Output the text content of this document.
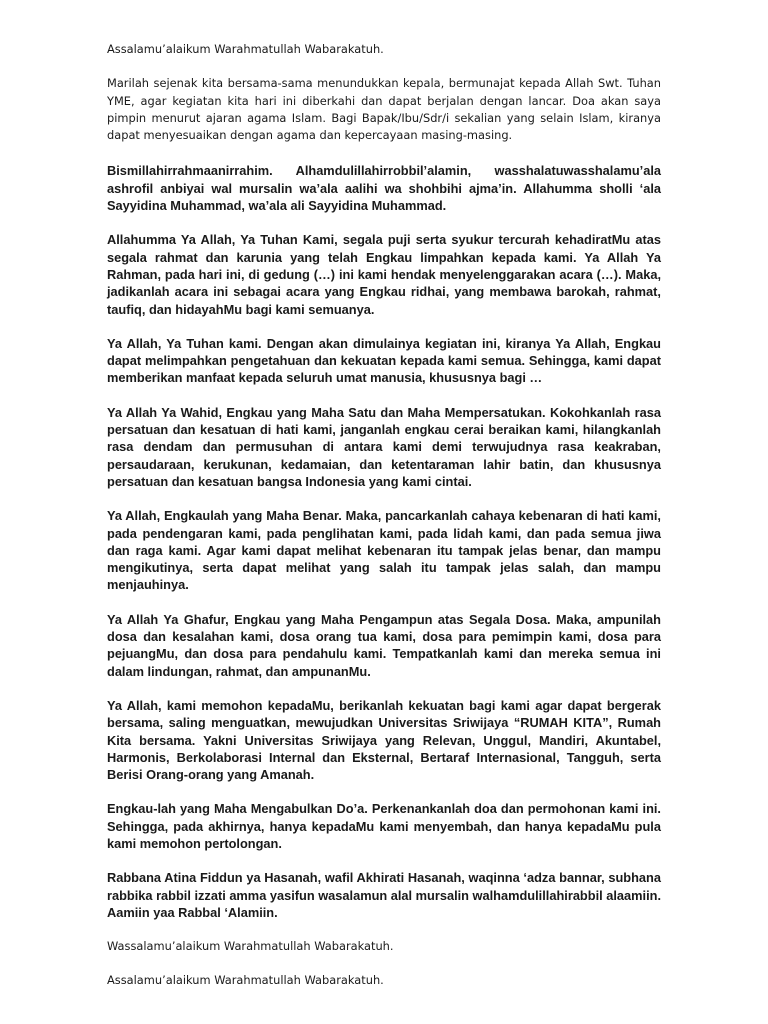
Assalamu’alaikum Warahmatullah Wabarakatuh.

Marilah sejenak kita bersama-sama menundukkan kepala, bermunajat kepada Allah Swt. Tuhan YME, agar kegiatan kita hari ini diberkahi dan dapat berjalan dengan lancar. Doa akan saya pimpin menurut ajaran agama Islam. Bagi Bapak/Ibu/Sdr/i sekalian yang selain Islam, kiranya dapat menyesuaikan dengan agama dan kepercayaan masing-masing.

Bismillahirrahmaanirrahim. Alhamdulillahirrobbil’alamin, wasshalatuwasshalamu’ala ashrofil anbiyai wal mursalin wa’ala aalihi wa shohbihi ajma’in. Allahumma sholli ‘ala Sayyidina Muhammad, wa’ala ali Sayyidina Muhammad.

Allahumma Ya Allah, Ya Tuhan Kami, segala puji serta syukur tercurah kehadiratMu atas segala rahmat dan karunia yang telah Engkau limpahkan kepada kami. Ya Allah Ya Rahman, pada hari ini, di gedung (…) ini kami hendak menyelenggarakan acara (…). Maka, jadikanlah acara ini sebagai acara yang Engkau ridhai, yang membawa barokah, rahmat, taufiq, dan hidayahMu bagi kami semuanya.

Ya Allah, Ya Tuhan kami. Dengan akan dimulainya kegiatan ini, kiranya Ya Allah, Engkau dapat melimpahkan pengetahuan dan kekuatan kepada kami semua. Sehingga, kami dapat memberikan manfaat kepada seluruh umat manusia, khususnya bagi …

Ya Allah Ya Wahid, Engkau yang Maha Satu dan Maha Mempersatukan. Kokohkanlah rasa persatuan dan kesatuan di hati kami, janganlah engkau cerai beraikan kami, hilangkanlah rasa dendam dan permusuhan di antara kami demi terwujudnya rasa keakraban, persaudaraan, kerukunan, kedamaian, dan ketentaraman lahir batin, dan khususnya persatuan dan kesatuan bangsa Indonesia yang kami cintai.

Ya Allah, Engkaulah yang Maha Benar. Maka, pancarkanlah cahaya kebenaran di hati kami, pada pendengaran kami, pada penglihatan kami, pada lidah kami, dan pada semua jiwa dan raga kami. Agar kami dapat melihat kebenaran itu tampak jelas benar, dan mampu mengikutinya, serta dapat melihat yang salah itu tampak jelas salah, dan mampu menjauhinya.

Ya Allah Ya Ghafur, Engkau yang Maha Pengampun atas Segala Dosa. Maka, ampunilah dosa dan kesalahan kami, dosa orang tua kami, dosa para pemimpin kami, dosa para pejuangMu, dan dosa para pendahulu kami. Tempatkanlah kami dan mereka semua ini dalam lindungan, rahmat, dan ampunanMu.

Ya Allah, kami memohon kepadaMu, berikanlah kekuatan bagi kami agar dapat bergerak bersama, saling menguatkan, mewujudkan Universitas Sriwijaya “RUMAH KITA”, Rumah Kita bersama. Yakni Universitas Sriwijaya yang Relevan, Unggul, Mandiri, Akuntabel, Harmonis, Berkolaborasi Internal dan Eksternal, Bertaraf Internasional, Tangguh, serta Berisi Orang-orang yang Amanah.

Engkau-lah yang Maha Mengabulkan Do’a. Perkenankanlah doa dan permohonan kami ini. Sehingga, pada akhirnya, hanya kepadaMu kami menyembah, dan hanya kepadaMu pula kami memohon pertolongan.

Rabbana Atina Fiddun ya Hasanah, wafil Akhirati Hasanah, waqinna ‘adza bannar, subhana rabbika rabbil izzati amma yasifun wasalamun alal mursalin walhamdulillahirabbil alaamiin. Aamiin yaa Rabbal ‘Alamiin.

Wassalamu’alaikum Warahmatullah Wabarakatuh.

Assalamu’alaikum Warahmatullah Wabarakatuh.
